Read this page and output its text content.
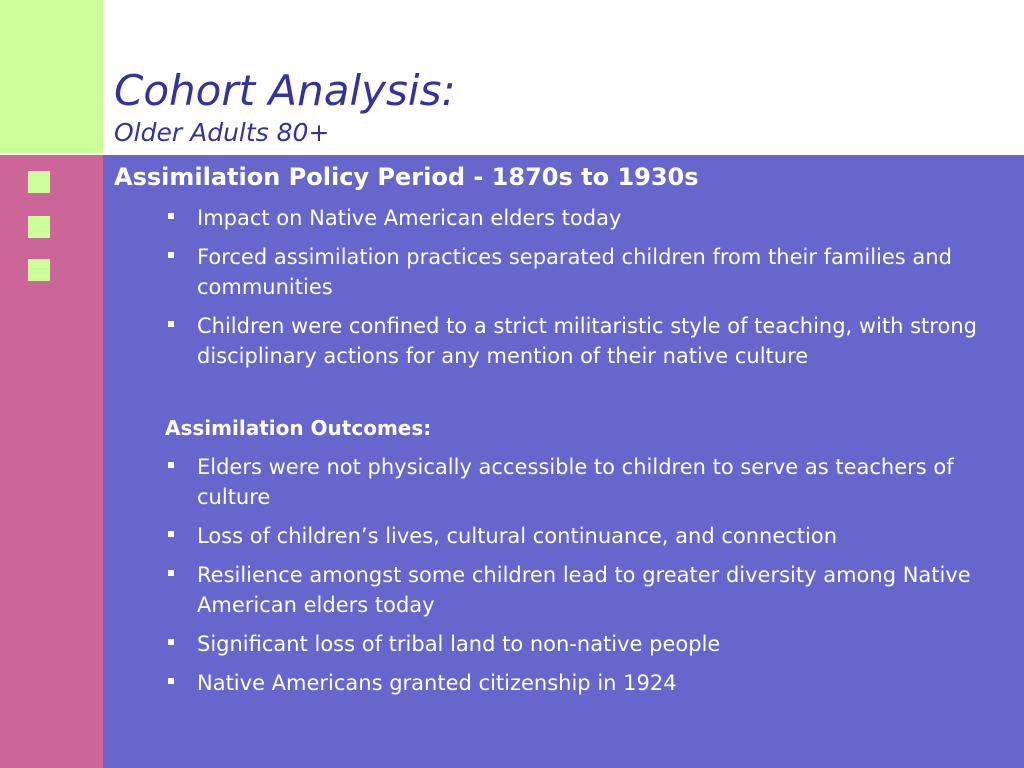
Cohort Analysis:
Older Adults 80+
Assimilation Policy Period - 1870s to 1930s
Impact on Native American elders today
Forced assimilation practices separated children from their families and communities
Children were confined to a strict militaristic style of teaching, with strong disciplinary actions for any mention of their native culture
Assimilation Outcomes:
Elders were not physically accessible to children to serve as teachers of culture
Loss of children’s lives, cultural continuance, and connection
Resilience amongst some children lead to greater diversity among Native American elders today
Significant loss of tribal land to non-native people
Native Americans granted citizenship in 1924
